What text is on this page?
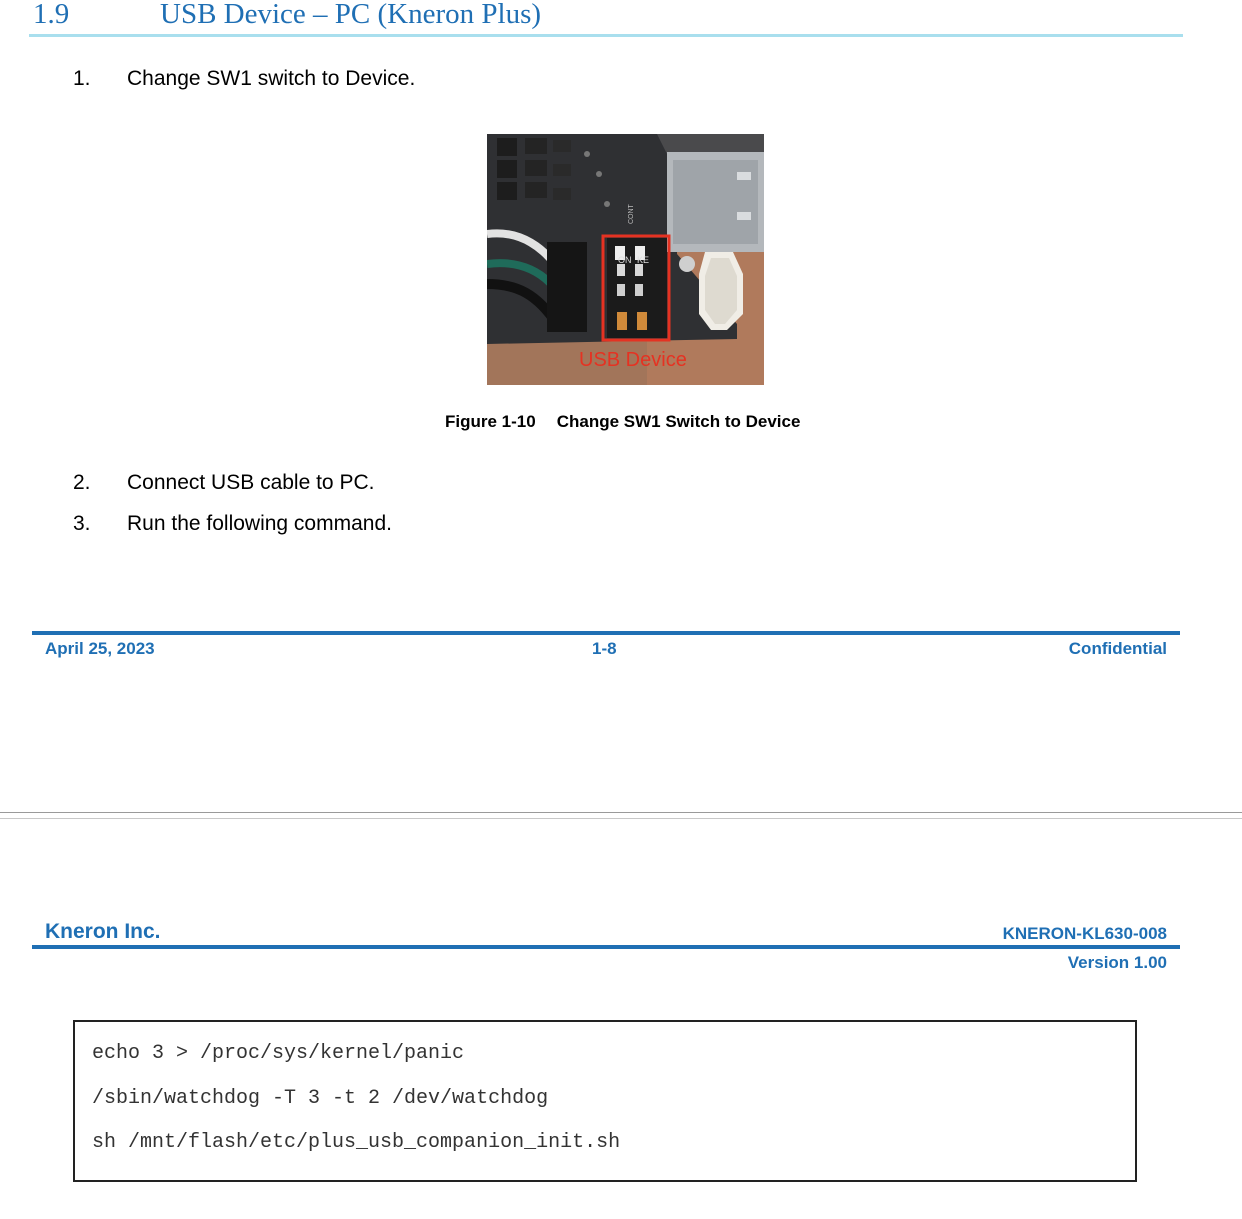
1.9	USB Device – PC (Kneron Plus)
1. Change SW1 switch to Device.
ON KE
CONT
USB Device
Figure 1-10 Change SW1 Switch to Device
2. Connect USB cable to PC.
3. Run the following command.
April 25, 2023	1-8	Confidential
Kneron Inc.	KNERON-KL630-008
Version 1.00
echo 3 > /proc/sys/kernel/panic
/sbin/watchdog -T 3 -t 2 /dev/watchdog
sh /mnt/flash/etc/plus_usb_companion_init.sh
